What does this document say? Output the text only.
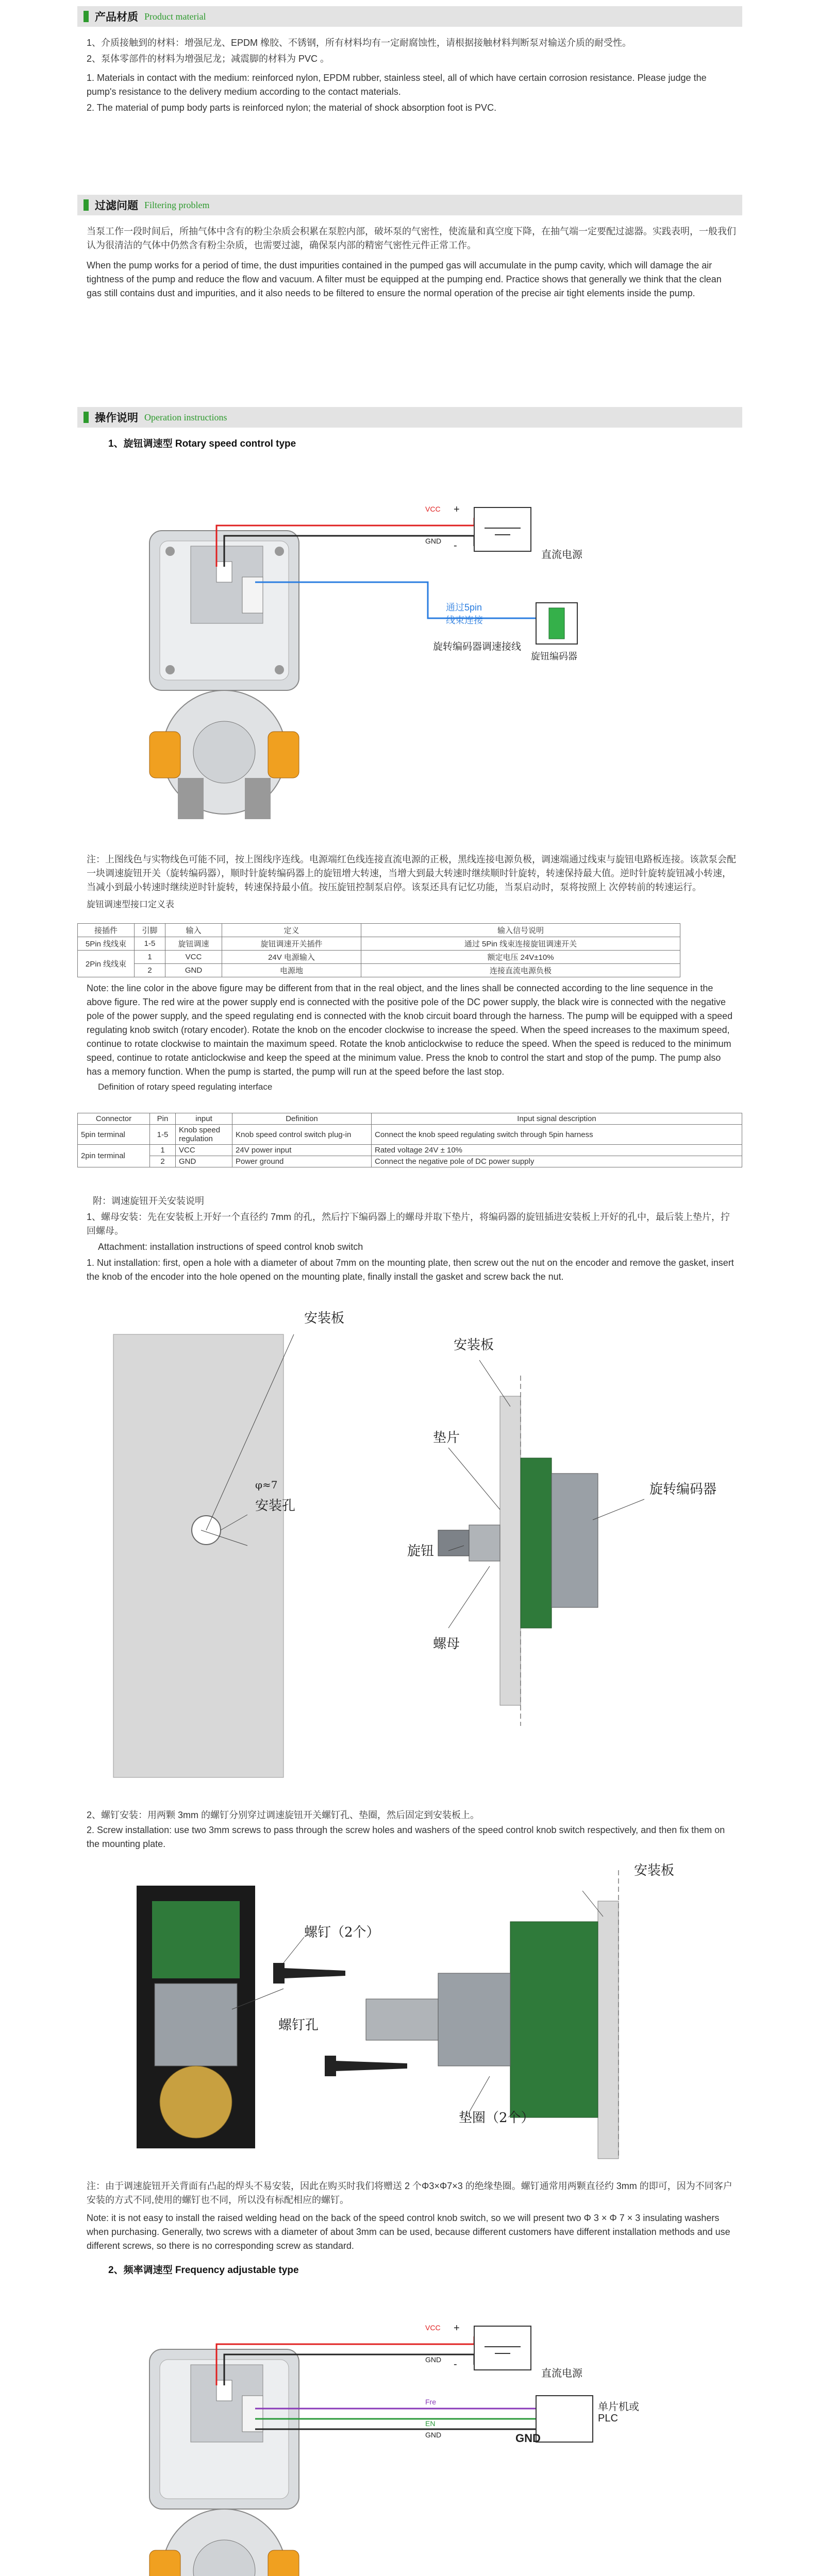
产品材质 Product material

1、介质接触到的材料：增强尼龙、EPDM 橡胶、不锈钢，所有材料均有一定耐腐蚀性，请根据接触材料判断泵对输送介质的耐受性。

2、泵体零部件的材料为增强尼龙；减震脚的材料为 PVC 。

1. Materials in contact with the medium: reinforced nylon, EPDM rubber, stainless steel, all of which have certain corrosion resistance. Please judge the pump's resistance to the delivery medium according to the contact materials.

2. The material of pump body parts is reinforced nylon; the material of shock absorption foot is PVC.

过滤问题 Filtering problem

当泵工作一段时间后，所抽气体中含有的粉尘杂质会积累在泵腔内部，破坏泵的气密性，使流量和真空度下降，在抽气端一定要配过滤器。实践表明，一般我们认为很清洁的气体中仍然含有粉尘杂质，也需要过滤，确保泵内部的精密气密性元件正常工作。

When the pump works for a period of time, the dust impurities contained in the pumped gas will accumulate in the pump cavity, which will damage the air tightness of the pump and reduce the flow and vacuum. A filter must be equipped at the pumping end. Practice shows that generally we think that the clean gas still contains dust and impurities, and it also needs to be filtered to ensure the normal operation of the precise air tight elements inside the pump.

操作说明 Operation instructions
1、旋钮调速型 Rotary speed control type
VCC
GND
+
-
直流电源
通过5pin
线束连接
旋钮编码器
旋转编码器调速接线

注：上图线色与实物线色可能不同，按上图线序连线。电源端红色线连接直流电源的正极，黑线连接电源负极，调速端通过线束与旋钮电路板连接。该款泵会配一块调速旋钮开关（旋转编码器），顺时针旋转编码器上的旋钮增大转速，当增大到最大转速时继续顺时针旋转，转速保持最大值。逆时针旋转旋钮减小转速，当减小到最小转速时继续逆时针旋转，转速保持最小值。按压旋钮控制泵启停。该泵还具有记忆功能，当泵启动时，泵将按照上 次停转前的转速运行。

旋钮调速型接口定义表

接插件	引脚	输入	定义	输入信号说明
5Pin 线线束	1-5	旋钮调速	旋钮调速开关插件	通过 5Pin 线束连接旋钮调速开关
2Pin 线线束	1	VCC	24V 电源输入	额定电压 24V±10%
	2	GND	电源地	连接直流电源负极

Note: the line color in the above figure may be different from that in the real object, and the lines shall be connected according to the line sequence in the above figure. The red wire at the power supply end is connected with the positive pole of the DC power supply, the black wire is connected with the negative pole of the power supply, and the speed regulating end is connected with the knob circuit board through the harness. The pump will be equipped with a speed regulating knob switch (rotary encoder). Rotate the knob on the encoder clockwise to increase the speed. When the speed increases to the maximum speed, continue to rotate clockwise to maintain the maximum speed. Rotate the knob anticlockwise to reduce the speed. When the speed is reduced to the minimum speed, continue to rotate anticlockwise and keep the speed at the minimum value. Press the knob to control the start and stop of the pump. The pump also has a memory function. When the pump is started, the pump will run at the speed before the last stop.

Definition of rotary speed regulating interface

Connector	Pin	input	Definition	Input signal description
5pin terminal	1-5	Knob speed regulation	Knob speed control switch plug-in	Connect the knob speed regulating switch through 5pin harness
2pin terminal	1	VCC	24V power input	Rated voltage 24V ± 10%
	2	GND	Power ground	Connect the negative pole of DC power supply

附：调速旋钮开关安装说明

1、螺母安装：先在安装板上开好一个直径约 7mm 的孔，然后拧下编码器上的螺母并取下垫片，将编码器的旋钮插进安装板上开好的孔中，最后装上垫片，拧回螺母。

Attachment: installation instructions of speed control knob switch

1. Nut installation: first, open a hole with a diameter of about 7mm on the mounting plate, then screw out the nut on the encoder and remove the gasket, insert the knob of the encoder into the hole opened on the mounting plate, finally install the gasket and screw back the nut.

安装板
φ≈7
安装孔
安装板
垫片
旋转编码器
旋钮
螺母

2、螺钉安装：用两颗 3mm 的螺钉分别穿过调速旋钮开关螺钉孔、垫圈，然后固定到安装板上。

2. Screw installation: use two 3mm screws to pass through the screw holes and washers of the speed control knob switch respectively, and then fix them on the mounting plate.

安装板
螺钉（2个）
螺钉孔
垫圈（2个）

注：由于调速旋钮开关背面有凸起的焊头不易安装，因此在购买时我们将赠送 2 个Φ3×Φ7×3 的绝缘垫圈。螺钉通常用两颗直径约 3mm 的即可，因为不同客户安装的方式不同,使用的螺钉也不同，所以没有标配相应的螺钉。

Note: it is not easy to install the raised welding head on the back of the speed control knob switch, so we will present two Φ 3 × Φ 7 × 3 insulating washers when purchasing. Generally, two screws with a diameter of about 3mm can be used, because different customers have different installation methods and use different screws, so there is no corresponding screw as standard.

2、频率调速型 Frequency adjustable type
VCC
GND
+
-
直流电源
Fre
EN
GND	GND
单片机或
PLC
